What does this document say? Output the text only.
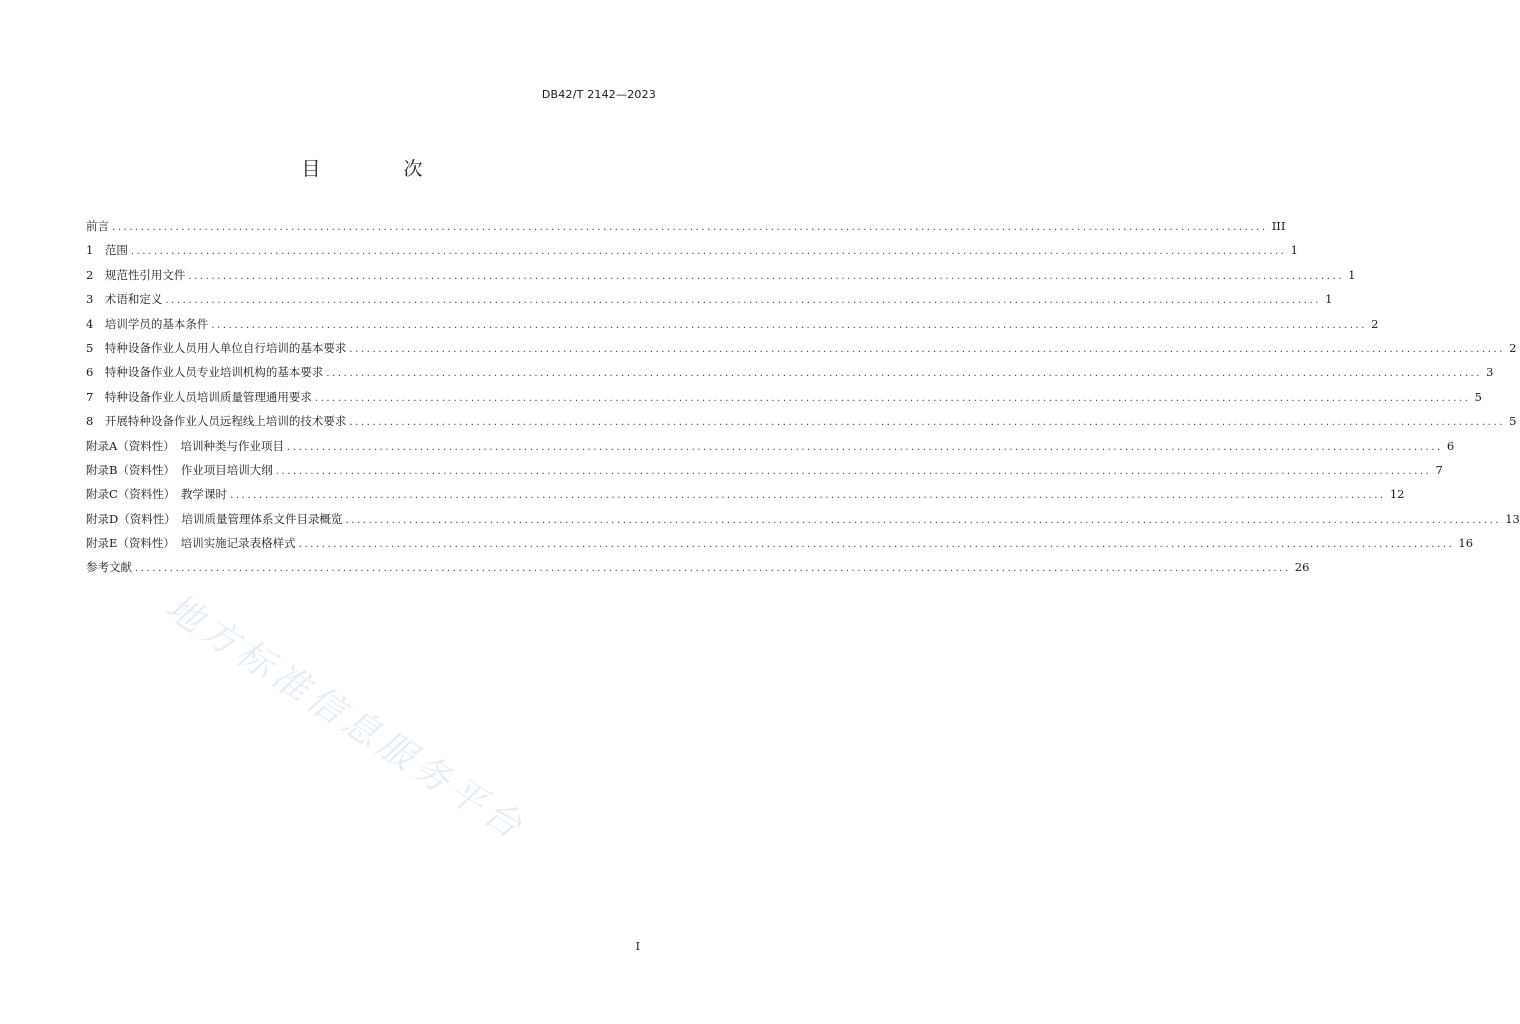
DB42/T 2142—2023
目　次
前言 ........................................................................................................................................................................................................ III
1　范围 ........................................................................................................................................................................................................ 1
2　规范性引用文件 ........................................................................................................................................................................................................ 1
3　术语和定义 ........................................................................................................................................................................................................ 1
4　培训学员的基本条件 ........................................................................................................................................................................................................ 2
5　特种设备作业人员用人单位自行培训的基本要求 ........................................................................................................................................................................................................ 2
6　特种设备作业人员专业培训机构的基本要求 ........................................................................................................................................................................................................ 3
7　特种设备作业人员培训质量管理通用要求 ........................................................................................................................................................................................................ 5
8　开展特种设备作业人员远程线上培训的技术要求 ........................................................................................................................................................................................................ 5
附录A（资料性）　培训种类与作业项目 ........................................................................................................................................................................................................ 6
附录B（资料性）　作业项目培训大纲 ........................................................................................................................................................................................................ 7
附录C（资料性）　教学课时 ........................................................................................................................................................................................................ 12
附录D（资料性）　培训质量管理体系文件目录概览 ........................................................................................................................................................................................................ 13
附录E（资料性）　培训实施记录表格样式 ........................................................................................................................................................................................................ 16
参考文献 ........................................................................................................................................................................................................ 26
地方标准信息服务平台
I
